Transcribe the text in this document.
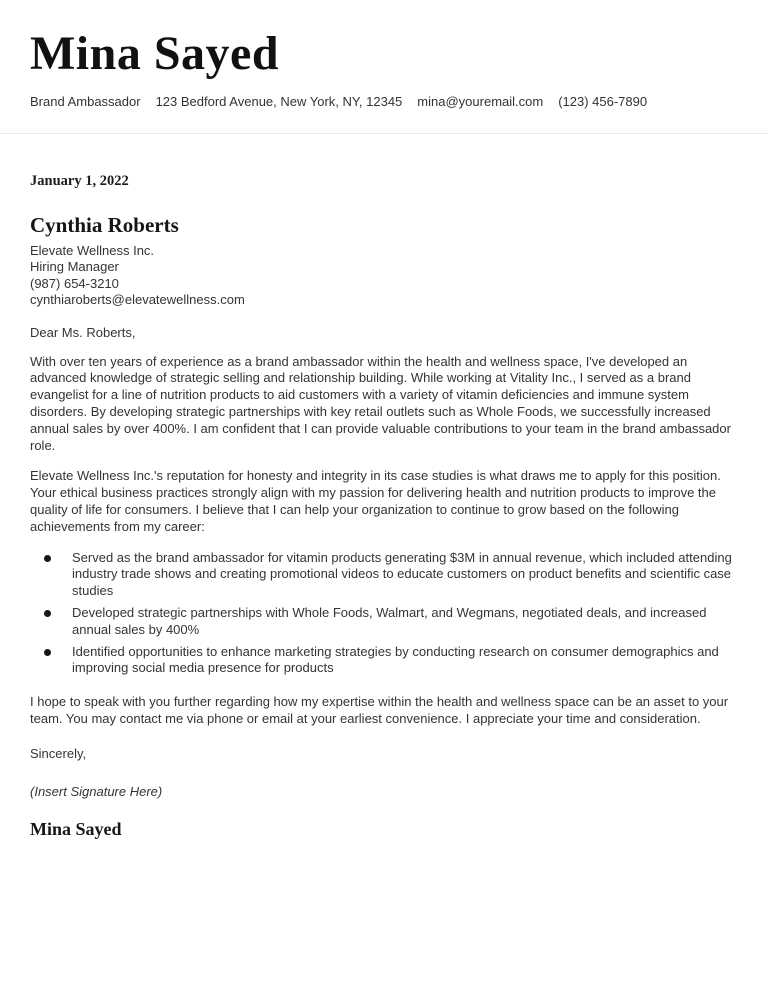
Mina Sayed
Brand Ambassador 123 Bedford Avenue, New York, NY, 12345 mina@youremail.com (123) 456-7890
January 1, 2022
Cynthia Roberts
Elevate Wellness Inc.
Hiring Manager
(987) 654-3210
cynthiaroberts@elevatewellness.com
Dear Ms. Roberts,

With over ten years of experience as a brand ambassador within the health and wellness space, I've developed an advanced knowledge of strategic selling and relationship building. While working at Vitality Inc., I served as a brand evangelist for a line of nutrition products to aid customers with a variety of vitamin deficiencies and immune system disorders. By developing strategic partnerships with key retail outlets such as Whole Foods, we successfully increased annual sales by over 400%. I am confident that I can provide valuable contributions to your team in the brand ambassador role.

Elevate Wellness Inc.'s reputation for honesty and integrity in its case studies is what draws me to apply for this position. Your ethical business practices strongly align with my passion for delivering health and nutrition products to improve the quality of life for consumers. I believe that I can help your organization to continue to grow based on the following achievements from my career:

Served as the brand ambassador for vitamin products generating $3M in annual revenue, which included attending industry trade shows and creating promotional videos to educate customers on product benefits and scientific case studies
Developed strategic partnerships with Whole Foods, Walmart, and Wegmans, negotiated deals, and increased annual sales by 400%
Identified opportunities to enhance marketing strategies by conducting research on consumer demographics and improving social media presence for products

I hope to speak with you further regarding how my expertise within the health and wellness space can be an asset to your team. You may contact me via phone or email at your earliest convenience. I appreciate your time and consideration.

Sincerely,
(Insert Signature Here)
Mina Sayed
